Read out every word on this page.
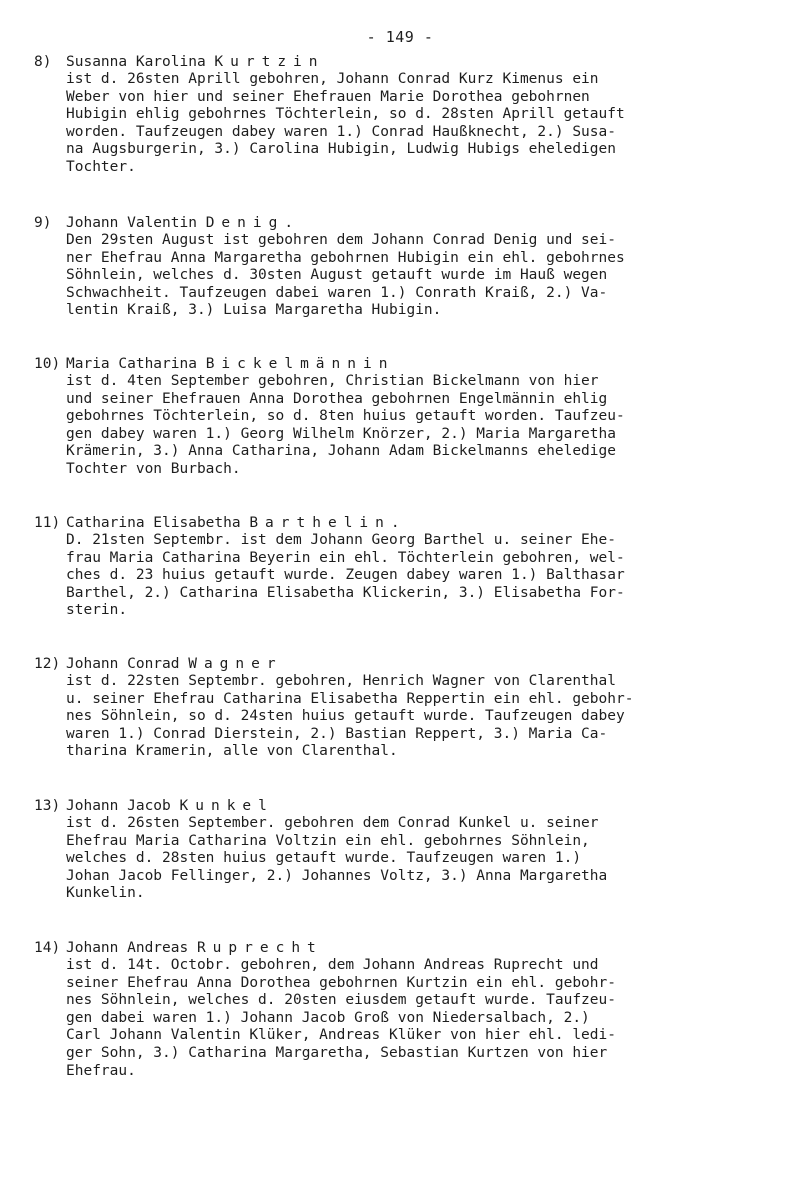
- 149 -
8) Susanna Karolina Kurtzin
ist d. 26sten Aprill gebohren, Johann Conrad Kurz Kimenus ein
Weber von hier und seiner Ehefrauen Marie Dorothea gebohrnen
Hubigin ehlig gebohrnes Töchterlein, so d. 28sten Aprill getauft
worden. Taufzeugen dabey waren 1.) Conrad Haußknecht, 2.) Susa-
na Augsburgerin, 3.) Carolina Hubigin, Ludwig Hubigs eheledigen
Tochter.
9) Johann Valentin Denig.
Den 29sten August ist gebohren dem Johann Conrad Denig und sei-
ner Ehefrau Anna Margaretha gebohrnen Hubigin ein ehl. gebohrnes
Söhnlein, welches d. 30sten August getauft wurde im Hauß wegen
Schwachheit. Taufzeugen dabei waren 1.) Conrath Kraiß, 2.) Va-
lentin Kraiß, 3.) Luisa Margaretha Hubigin.
10) Maria Catharina Bickelmännin
ist d. 4ten September gebohren, Christian Bickelmann von hier
und seiner Ehefrauen Anna Dorothea gebohrnen Engelmännin ehlig
gebohrnes Töchterlein, so d. 8ten huius getauft worden. Taufzeu-
gen dabey waren 1.) Georg Wilhelm Knörzer, 2.) Maria Margaretha
Krämerin, 3.) Anna Catharina, Johann Adam Bickelmanns eheledige
Tochter von Burbach.
11) Catharina Elisabetha Barthelin.
D. 21sten Septembr. ist dem Johann Georg Barthel u. seiner Ehe-
frau Maria Catharina Beyerin ein ehl. Töchterlein gebohren, wel-
ches d. 23 huius getauft wurde. Zeugen dabey waren 1.) Balthasar
Barthel, 2.) Catharina Elisabetha Klickerin, 3.) Elisabetha For-
sterin.
12) Johann Conrad Wagner
ist d. 22sten Septembr. gebohren, Henrich Wagner von Clarenthal
u. seiner Ehefrau Catharina Elisabetha Reppertin ein ehl. gebohr-
nes Söhnlein, so d. 24sten huius getauft wurde. Taufzeugen dabey
waren 1.) Conrad Dierstein, 2.) Bastian Reppert, 3.) Maria Ca-
tharina Kramerin, alle von Clarenthal.
13) Johann Jacob Kunkel
ist d. 26sten September. gebohren dem Conrad Kunkel u. seiner
Ehefrau Maria Catharina Voltzin ein ehl. gebohrnes Söhnlein,
welches d. 28sten huius getauft wurde. Taufzeugen waren 1.)
Johan Jacob Fellinger, 2.) Johannes Voltz, 3.) Anna Margaretha
Kunkelin.
14) Johann Andreas Ruprecht
ist d. 14t. Octobr. gebohren, dem Johann Andreas Ruprecht und
seiner Ehefrau Anna Dorothea gebohrnen Kurtzin ein ehl. gebohr-
nes Söhnlein, welches d. 20sten eiusdem getauft wurde. Taufzeu-
gen dabei waren 1.) Johann Jacob Groß von Niedersalbach, 2.)
Carl Johann Valentin Klüker, Andreas Klüker von hier ehl. ledi-
ger Sohn, 3.) Catharina Margaretha, Sebastian Kurtzen von hier
Ehefrau.
